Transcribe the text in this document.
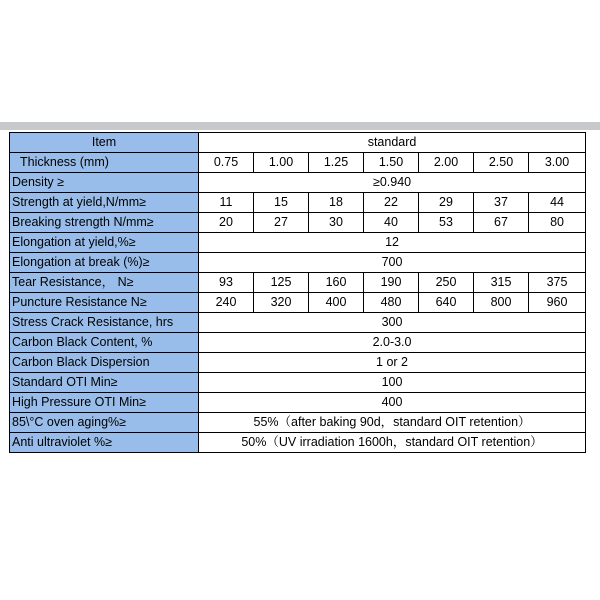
Item	standard						
Thickness (mm)	0.75	1.00	1.25	1.50	2.00	2.50	3.00
Density ≥	≥0.940						
Strength at yield,N/mm≥	11	15	18	22	29	37	44
Breaking strength N/mm≥	20	27	30	40	53	67	80
Elongation at yield,%≥	12						
Elongation at break (%)≥	700						
Tear Resistance， N≥	93	125	160	190	250	315	375
Puncture Resistance N≥	240	320	400	480	640	800	960
Stress Crack Resistance, hrs	300						
Carbon Black Content, %	2.0-3.0						
Carbon Black Dispersion	1 or 2						
Standard OTI Min≥	100						
High Pressure OTI Min≥	400						
85\°C oven aging%≥	55%（after baking 90d，standard OIT retention）						
Anti ultraviolet %≥	50%（UV irradiation 1600h，standard OIT retention）						
